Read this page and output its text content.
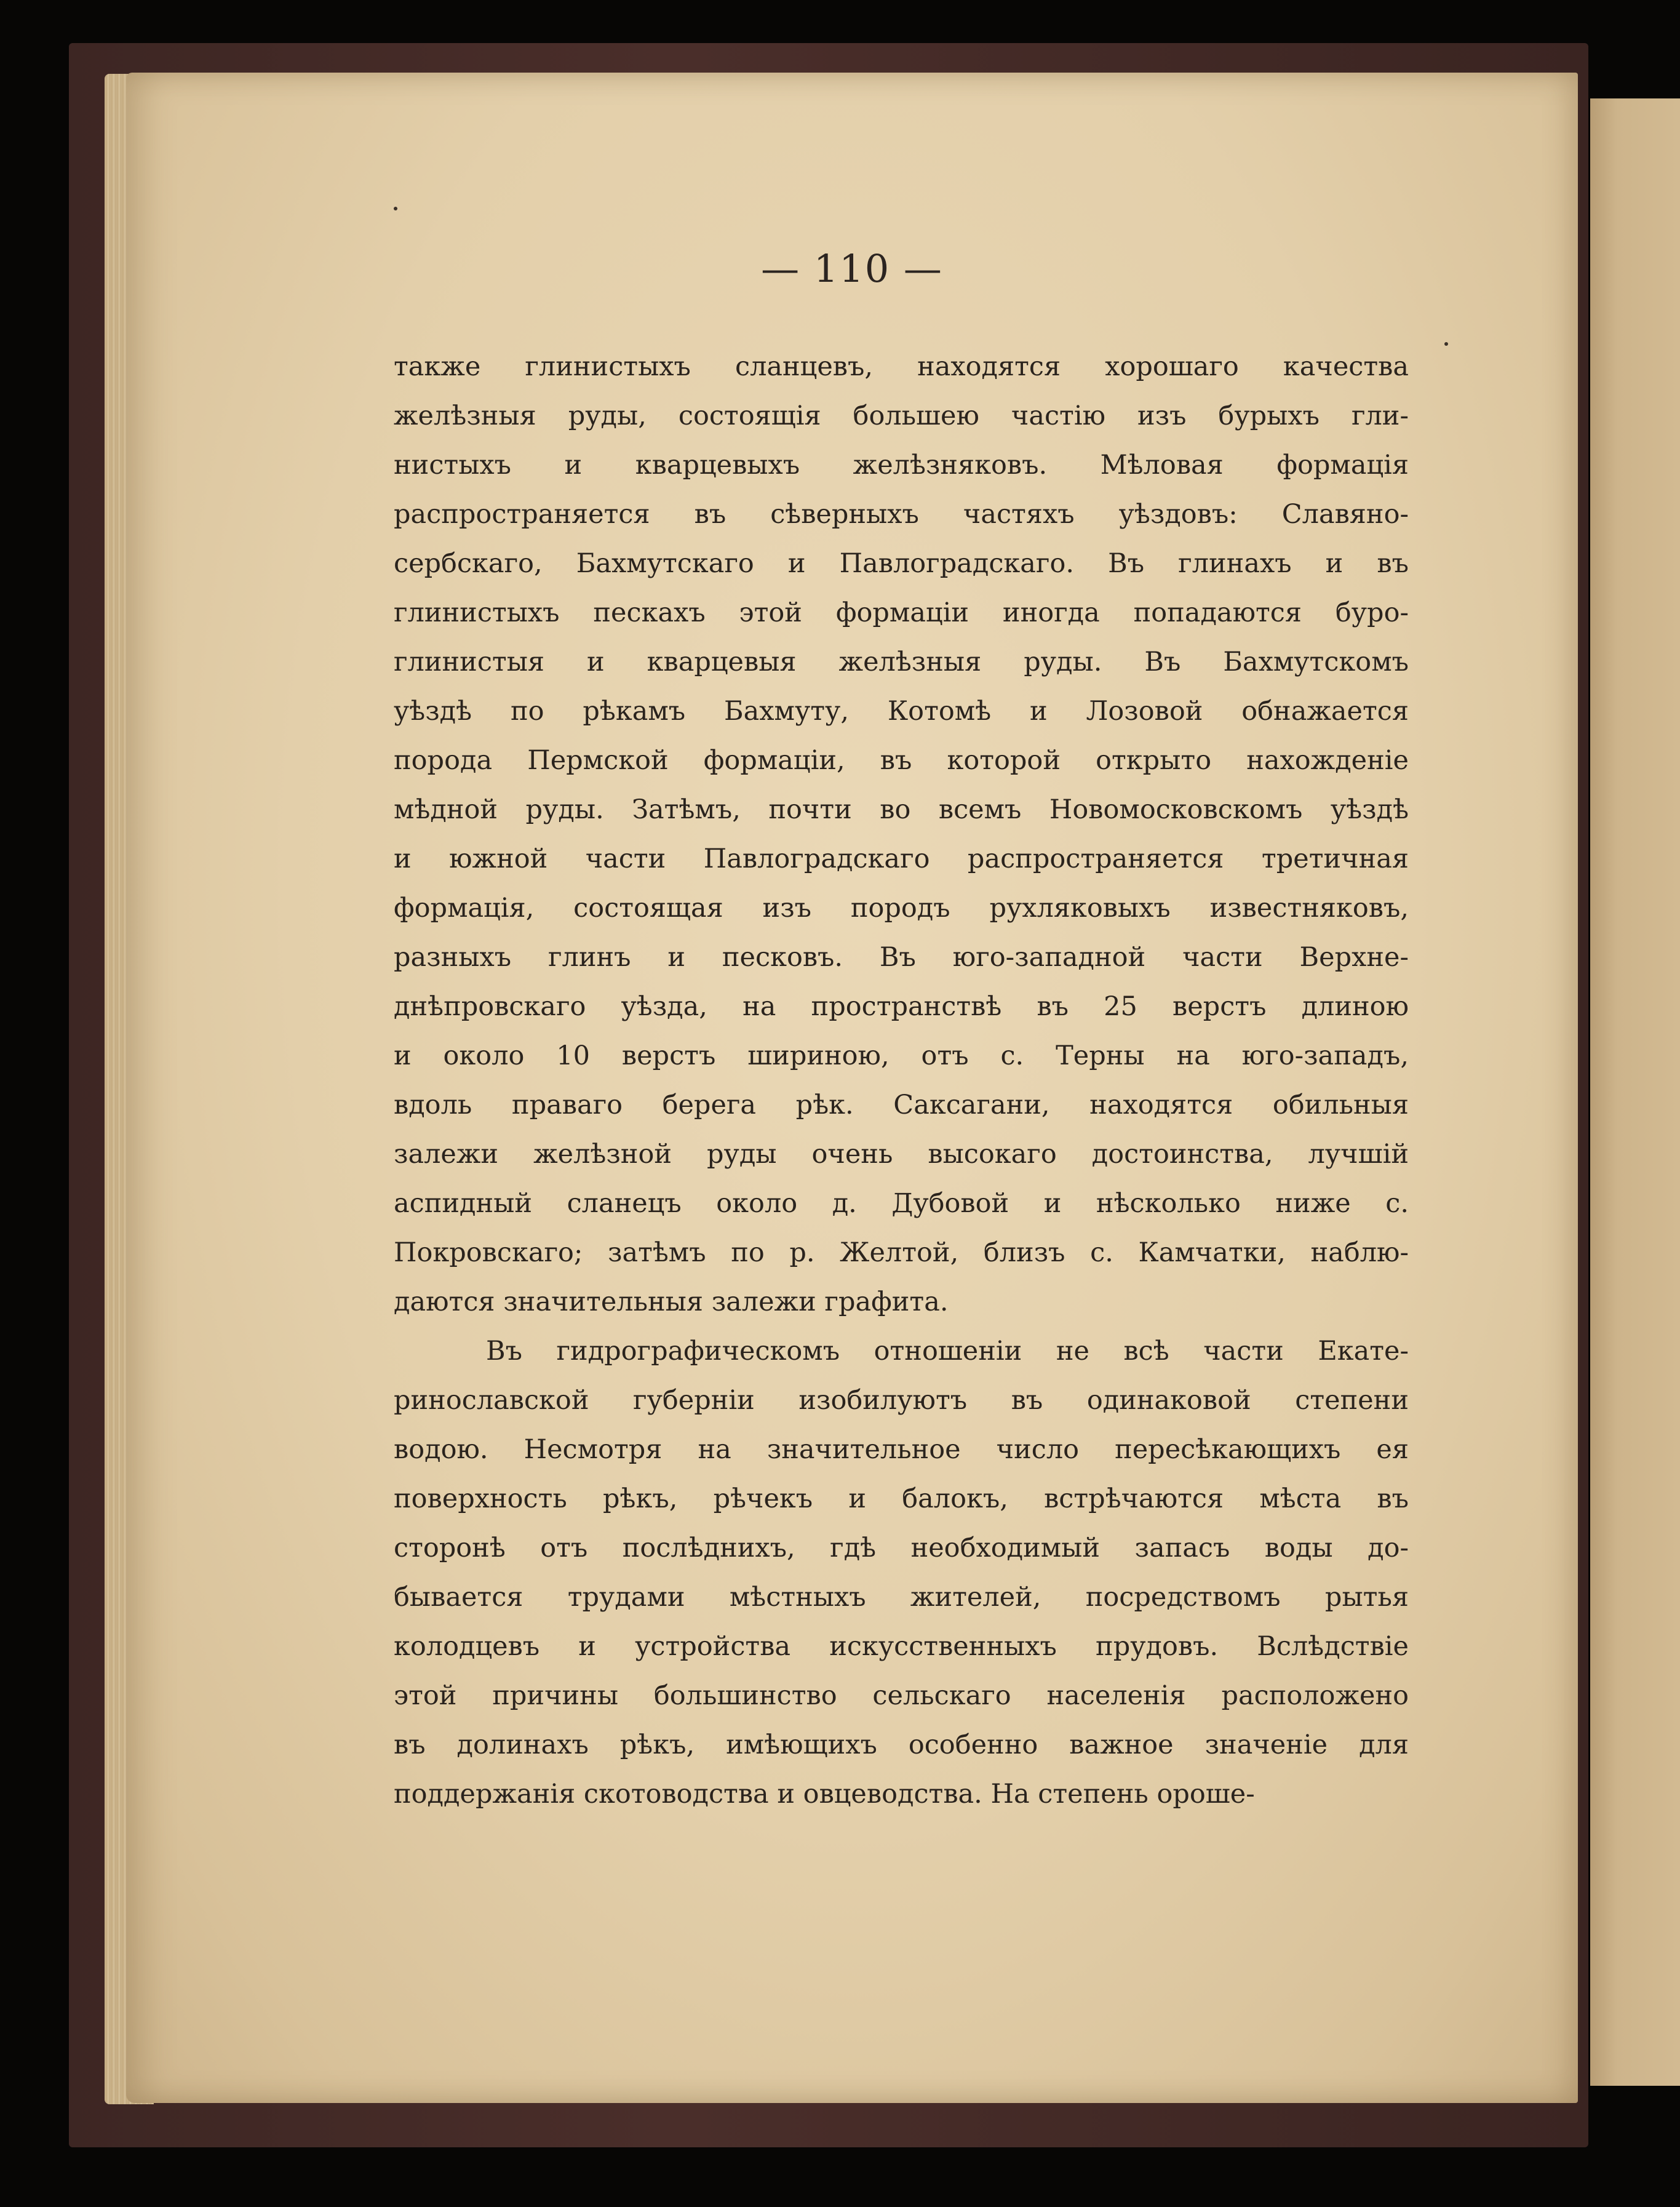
— 110 —
также глинистыхъ сланцевъ, находятся хорошаго качества
желѣзныя руды, состоящія большею частію изъ бурыхъ гли-
нистыхъ и кварцевыхъ желѣзняковъ. Мѣловая формація
распространяется въ сѣверныхъ частяхъ уѣздовъ: Славяно-
сербскаго, Бахмутскаго и Павлоградскаго. Въ глинахъ и въ
глинистыхъ пескахъ этой формаціи иногда попадаются буро-
глинистыя и кварцевыя желѣзныя руды. Въ Бахмутскомъ
уѣздѣ по рѣкамъ Бахмуту, Котомѣ и Лозовой обнажается
порода Пермской формаціи, въ которой открыто нахожденіе
мѣдной руды. Затѣмъ, почти во всемъ Новомосковскомъ уѣздѣ
и южной части Павлоградскаго распространяется третичная
формація, состоящая изъ породъ рухляковыхъ известняковъ,
разныхъ глинъ и песковъ. Въ юго-западной части Верхне-
днѣпровскаго уѣзда, на пространствѣ въ 25 верстъ длиною
и около 10 верстъ шириною, отъ с. Терны на юго-западъ,
вдоль праваго берега рѣк. Саксагани, находятся обильныя
залежи желѣзной руды очень высокаго достоинства, лучшій
аспидный сланецъ около д. Дубовой и нѣсколько ниже с.
Покровскаго; затѣмъ по р. Желтой, близъ с. Камчатки, наблю-
даются значительныя залежи графита.
Въ гидрографическомъ отношеніи не всѣ части Екате-
ринославской губерніи изобилуютъ въ одинаковой степени
водою. Несмотря на значительное число пересѣкающихъ ея
поверхность рѣкъ, рѣчекъ и балокъ, встрѣчаются мѣста въ
сторонѣ отъ послѣднихъ, гдѣ необходимый запасъ воды до-
бывается трудами мѣстныхъ жителей, посредствомъ рытья
колодцевъ и устройства искусственныхъ прудовъ. Вслѣдствіе
этой причины большинство сельскаго населенія расположено
въ долинахъ рѣкъ, имѣющихъ особенно важное значеніе для
поддержанія скотоводства и овцеводства. На степень ороше-
